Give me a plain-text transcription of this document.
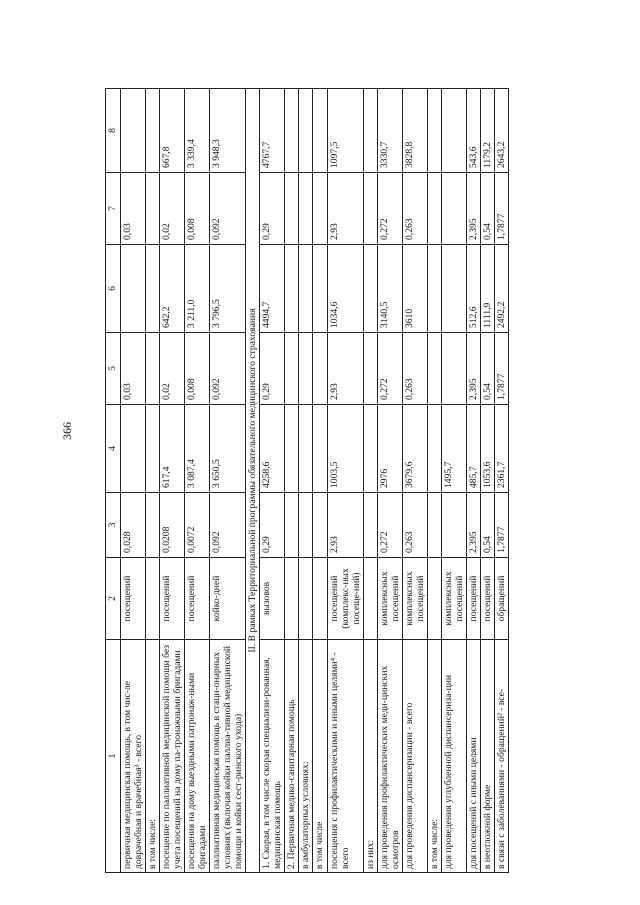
366
1	2	3	4	5	6	7	8
первичная медицинская помощь, в том чис-ле доврачебная и врачебная³ - всего	посещений	0,028		0,03		0,03	
в том числе:							
посещение по паллиативной медицинской помощи без учета посещений на дому па-тронажными бригадами	посещений	0,0208	617,4	0,02	642,2	0,02	667,8
посещения на дому выездными патронаж-ными бригадами	посещений	0,0072	3 087,4	0,008	3 211,0	0,008	3 339,4
паллиативная медицинская помощь в стаци-онарных условиях (включая койки паллиа-тивной медицинской помощи и койки сест-ринского ухода)	койко-дней	0,092	3 650,5	0,092	3 796,5	0,092	3 948,3
II. В рамках Территориальной программы обязательного медицинского страхования							
1. Скорая, в том числе скорая специализи-рованная, медицинская помощь	вызовов	0,29	4258,6	0,29	4494,7	0,29	4767,7
2. Первичная медико-санитарная помощь							
в амбулаторных условиях:							
в том числе							
посещения с профилактическими и иными целями⁴ - всего	посещений (комплекс-ных посеще-ний)	2,93	1003,5	2,93	1034,6	2,93	1097,5
из них:							
для проведения профилактических меди-цинских осмотров	комплексных посещений	0,272	2976	0,272	3140,5	0,272	3330,7
для проведения диспансеризации - всего	комплексных посещений	0,263	3679,6	0,263	3610	0,263	3828,8
в том числе:							
для проведения углубленной диспансериза-ции	комплексных посещений		1495,7				
для посещений с иными целями	посещений	2,395	485,7	2,395	512,6	2,395	543,6
в неотложной форме	посещений	0,54	1053,6	0,54	1111,9	0,54	1179,2
в связи с заболеваниями - обращений² - все-	обращений	1,7877	2361,7	1,7877	2492,2	1,7877	2643,2
